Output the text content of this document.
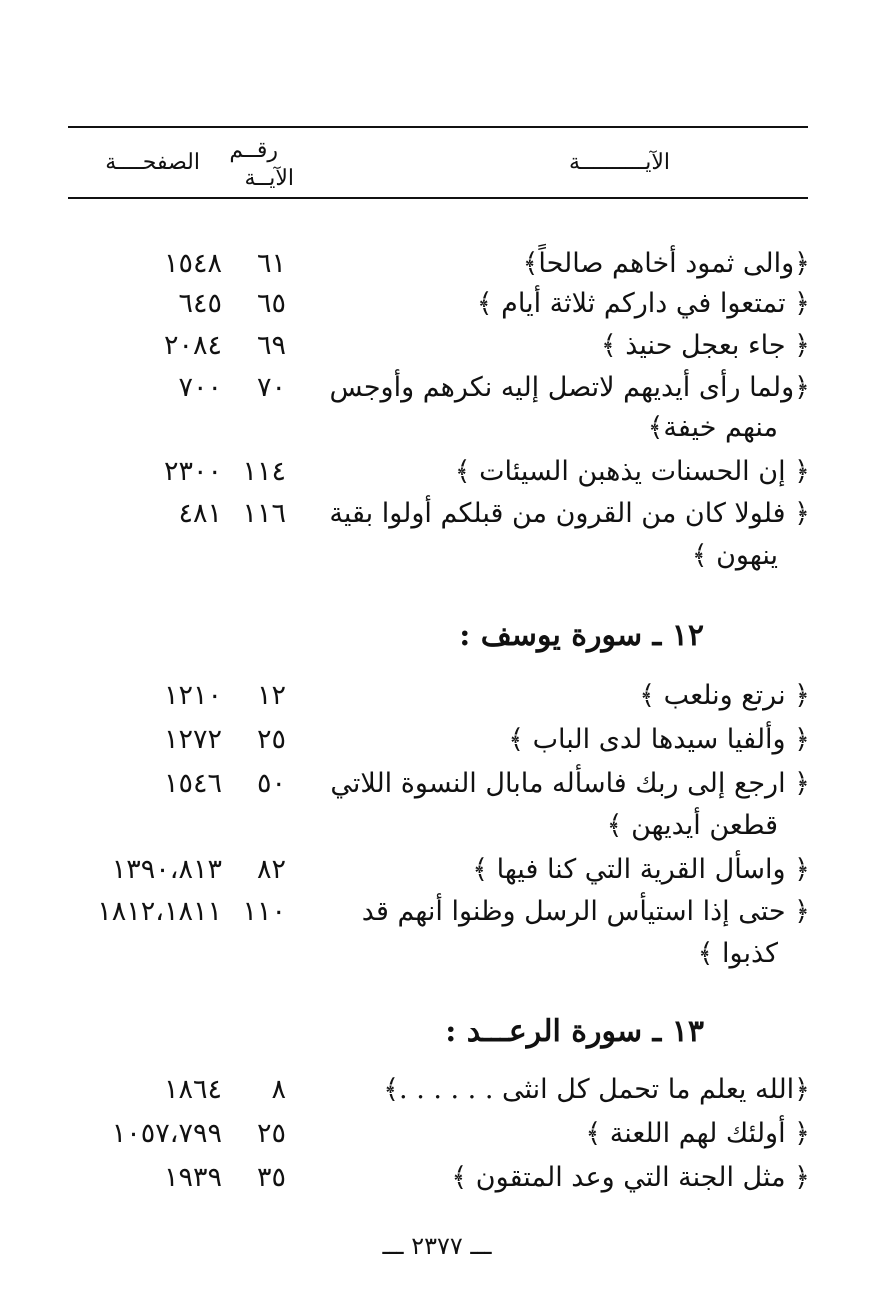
الآيــــــــــة
رقــم
الآيــة
الصفحــــة
﴿والى ثمود أخاهم صالحاً﴾
٦١
١٥٤٨
﴿ تمتعوا في داركم ثلاثة أيام ﴾
٦٥
٦٤٥
﴿ جاء بعجل حنيذ ﴾
٦٩
٢٠٨٤
﴿ولما رأى أيديهم لاتصل إليه نكرهم وأوجس
٧٠
٧٠٠
منهم خيفة﴾
﴿ إن الحسنات يذهبن السيئات ﴾
١١٤
٢٣٠٠
﴿ فلولا كان من القرون من قبلكم أولوا بقية
١١٦
٤٨١
ينهون ﴾
١٢ ـ سورة يوسف :
﴿ نرتع ونلعب ﴾
١٢
١٢١٠
﴿ وألفيا سيدها لدى الباب ﴾
٢٥
١٢٧٢
﴿ ارجع إلى ربك فاسأله مابال النسوة اللاتي
٥٠
١٥٤٦
قطعن أيديهن ﴾
﴿ واسأل القرية التي كنا فيها ﴾
٨٢
١٣٩٠،٨١٣
﴿ حتى إذا استيأس الرسل وظنوا أنهم قد
١١٠
١٨١٢،١٨١١
كذبوا ﴾
١٣ ـ سورة الرعـــد :
﴿الله يعلم ما تحمل كل انثى . . . . . .﴾
٨
١٨٦٤
﴿ أولئك لهم اللعنة ﴾
٢٥
١٠٥٧،٧٩٩
﴿ مثل الجنة التي وعد المتقون ﴾
٣٥
١٩٣٩
ـــ ٢٣٧٧ ـــ
